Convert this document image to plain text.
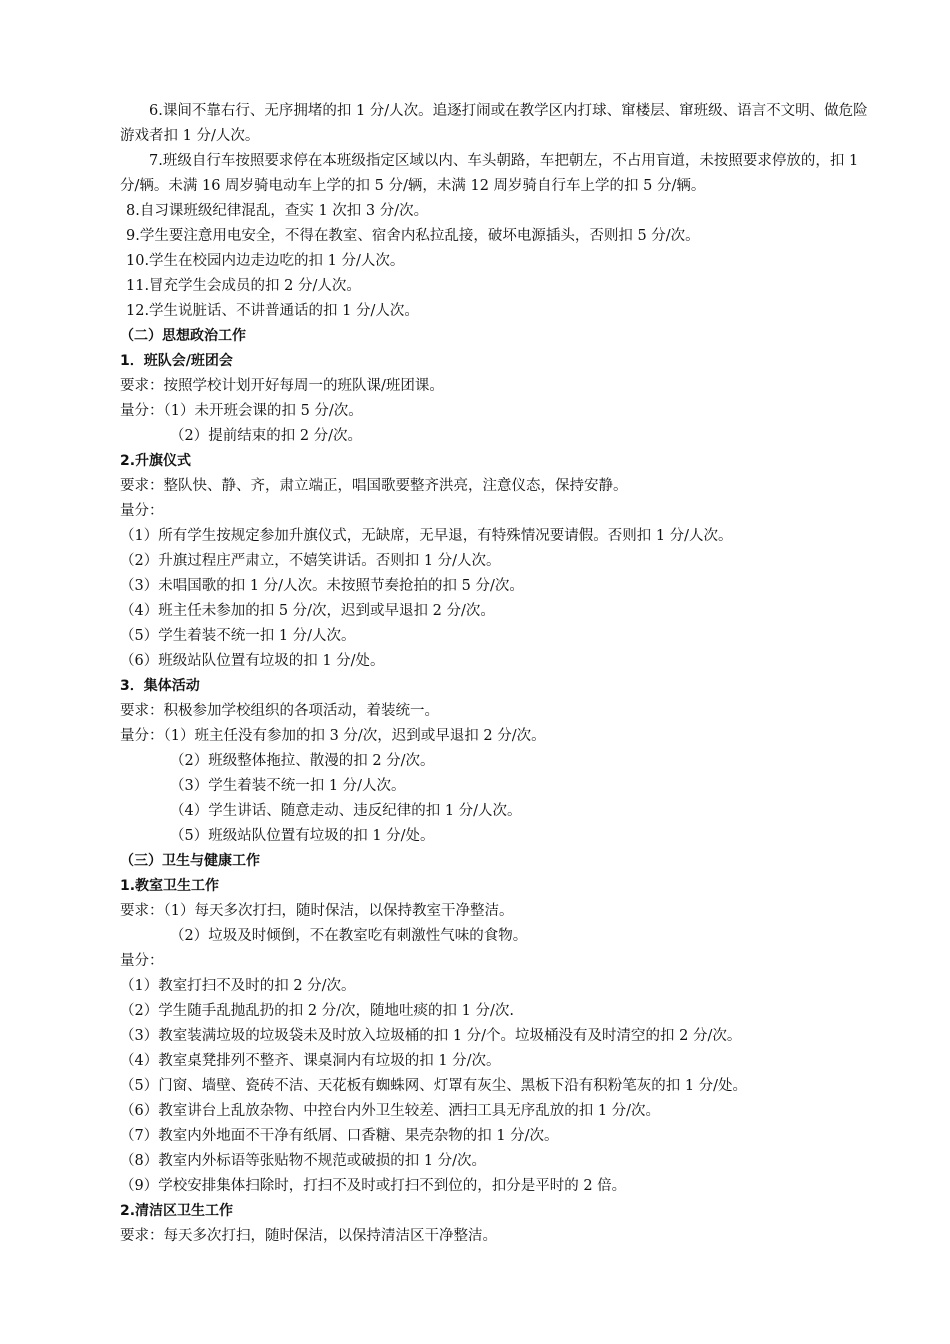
6.课间不靠右行、无序拥堵的扣 1 分/人次。追逐打闹或在教学区内打球、窜楼层、窜班级、语言不文明、做危险游戏者扣 1 分/人次。
7.班级自行车按照要求停在本班级指定区域以内、车头朝路，车把朝左，不占用盲道，未按照要求停放的，扣 1 分/辆。未满 16 周岁骑电动车上学的扣 5 分/辆，未满 12 周岁骑自行车上学的扣 5 分/辆。
8.自习课班级纪律混乱，查实 1 次扣 3 分/次。
9.学生要注意用电安全，不得在教室、宿舍内私拉乱接，破坏电源插头，否则扣 5 分/次。
10.学生在校园内边走边吃的扣 1 分/人次。
11.冒充学生会成员的扣 2 分/人次。
12.学生说脏话、不讲普通话的扣 1 分/人次。
（二）思想政治工作
1．班队会/班团会
要求：按照学校计划开好每周一的班队课/班团课。
量分：（1）未开班会课的扣 5 分/次。
（2）提前结束的扣 2 分/次。
2.升旗仪式
要求：整队快、静、齐，肃立端正，唱国歌要整齐洪亮，注意仪态，保持安静。
量分：
（1）所有学生按规定参加升旗仪式，无缺席，无早退，有特殊情况要请假。否则扣 1 分/人次。
（2）升旗过程庄严肃立，不嬉笑讲话。否则扣 1 分/人次。
（3）未唱国歌的扣 1 分/人次。未按照节奏抢拍的扣 5 分/次。
（4）班主任未参加的扣 5 分/次，迟到或早退扣 2 分/次。
（5）学生着装不统一扣 1 分/人次。
（6）班级站队位置有垃圾的扣 1 分/处。
3．集体活动
要求：积极参加学校组织的各项活动，着装统一。
量分：（1）班主任没有参加的扣 3 分/次，迟到或早退扣 2 分/次。
（2）班级整体拖拉、散漫的扣 2 分/次。
（3）学生着装不统一扣 1 分/人次。
（4）学生讲话、随意走动、违反纪律的扣 1 分/人次。
（5）班级站队位置有垃圾的扣 1 分/处。
（三）卫生与健康工作
1.教室卫生工作
要求：（1）每天多次打扫，随时保洁，以保持教室干净整洁。
（2）垃圾及时倾倒，不在教室吃有刺激性气味的食物。
量分：
（1）教室打扫不及时的扣 2 分/次。
（2）学生随手乱抛乱扔的扣 2 分/次，随地吐痰的扣 1 分/次.
（3）教室装满垃圾的垃圾袋未及时放入垃圾桶的扣 1 分/个。垃圾桶没有及时清空的扣 2 分/次。
（4）教室桌凳排列不整齐、课桌洞内有垃圾的扣 1 分/次。
（5）门窗、墙壁、瓷砖不洁、天花板有蜘蛛网、灯罩有灰尘、黑板下沿有积粉笔灰的扣 1 分/处。
（6）教室讲台上乱放杂物、中控台内外卫生较差、洒扫工具无序乱放的扣 1 分/次。
（7）教室内外地面不干净有纸屑、口香糖、果壳杂物的扣 1 分/次。
（8）教室内外标语等张贴物不规范或破损的扣 1 分/次。
（9）学校安排集体扫除时，打扫不及时或打扫不到位的，扣分是平时的 2 倍。
2.清洁区卫生工作
要求：每天多次打扫，随时保洁，以保持清洁区干净整洁。
